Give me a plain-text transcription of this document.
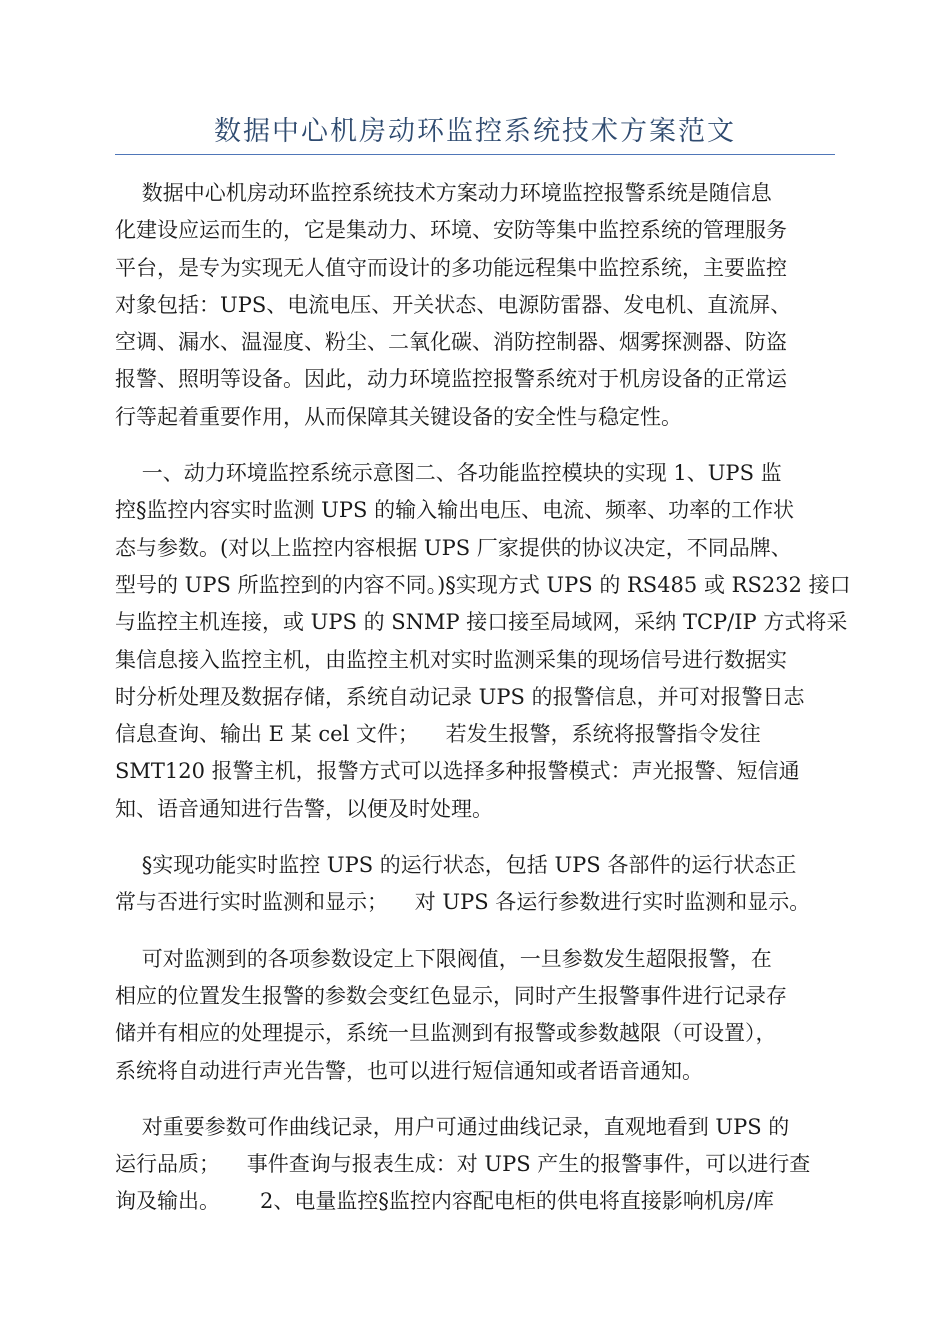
数据中心机房动环监控系统技术方案范文
数据中心机房动环监控系统技术方案动力环境监控报警系统是随信息
化建设应运而生的，它是集动力、环境、安防等集中监控系统的管理服务
平台，是专为实现无人值守而设计的多功能远程集中监控系统，主要监控
对象包括：UPS、电流电压、开关状态、电源防雷器、发电机、直流屏、
空调、漏水、温湿度、粉尘、二氧化碳、消防控制器、烟雾探测器、防盗
报警、照明等设备。因此，动力环境监控报警系统对于机房设备的正常运
行等起着重要作用，从而保障其关键设备的安全性与稳定性。
一、动力环境监控系统示意图二、各功能监控模块的实现 1、UPS 监
控§监控内容实时监测 UPS 的输入输出电压、电流、频率、功率的工作状
态与参数。(对以上监控内容根据 UPS 厂家提供的协议决定，不同品牌、
型号的 UPS 所监控到的内容不同。)§实现方式 UPS 的 RS485 或 RS232 接口
与监控主机连接，或 UPS 的 SNMP 接口接至局域网，采纳 TCP/IP 方式将采
集信息接入监控主机，由监控主机对实时监测采集的现场信号进行数据实
时分析处理及数据存储，系统自动记录 UPS 的报警信息，并可对报警日志
信息查询、输出 E 某 cel 文件；    若发生报警，系统将报警指令发往
SMT120 报警主机，报警方式可以选择多种报警模式：声光报警、短信通
知、语音通知进行告警，以便及时处理。
§实现功能实时监控 UPS 的运行状态，包括 UPS 各部件的运行状态正
常与否进行实时监测和显示；    对 UPS 各运行参数进行实时监测和显示。
可对监测到的各项参数设定上下限阀值，一旦参数发生超限报警，在
相应的位置发生报警的参数会变红色显示，同时产生报警事件进行记录存
储并有相应的处理提示，系统一旦监测到有报警或参数越限（可设置），
系统将自动进行声光告警，也可以进行短信通知或者语音通知。
对重要参数可作曲线记录，用户可通过曲线记录，直观地看到 UPS 的
运行品质；    事件查询与报表生成：对 UPS 产生的报警事件，可以进行查
询及输出。      2、电量监控§监控内容配电柜的供电将直接影响机房/库
